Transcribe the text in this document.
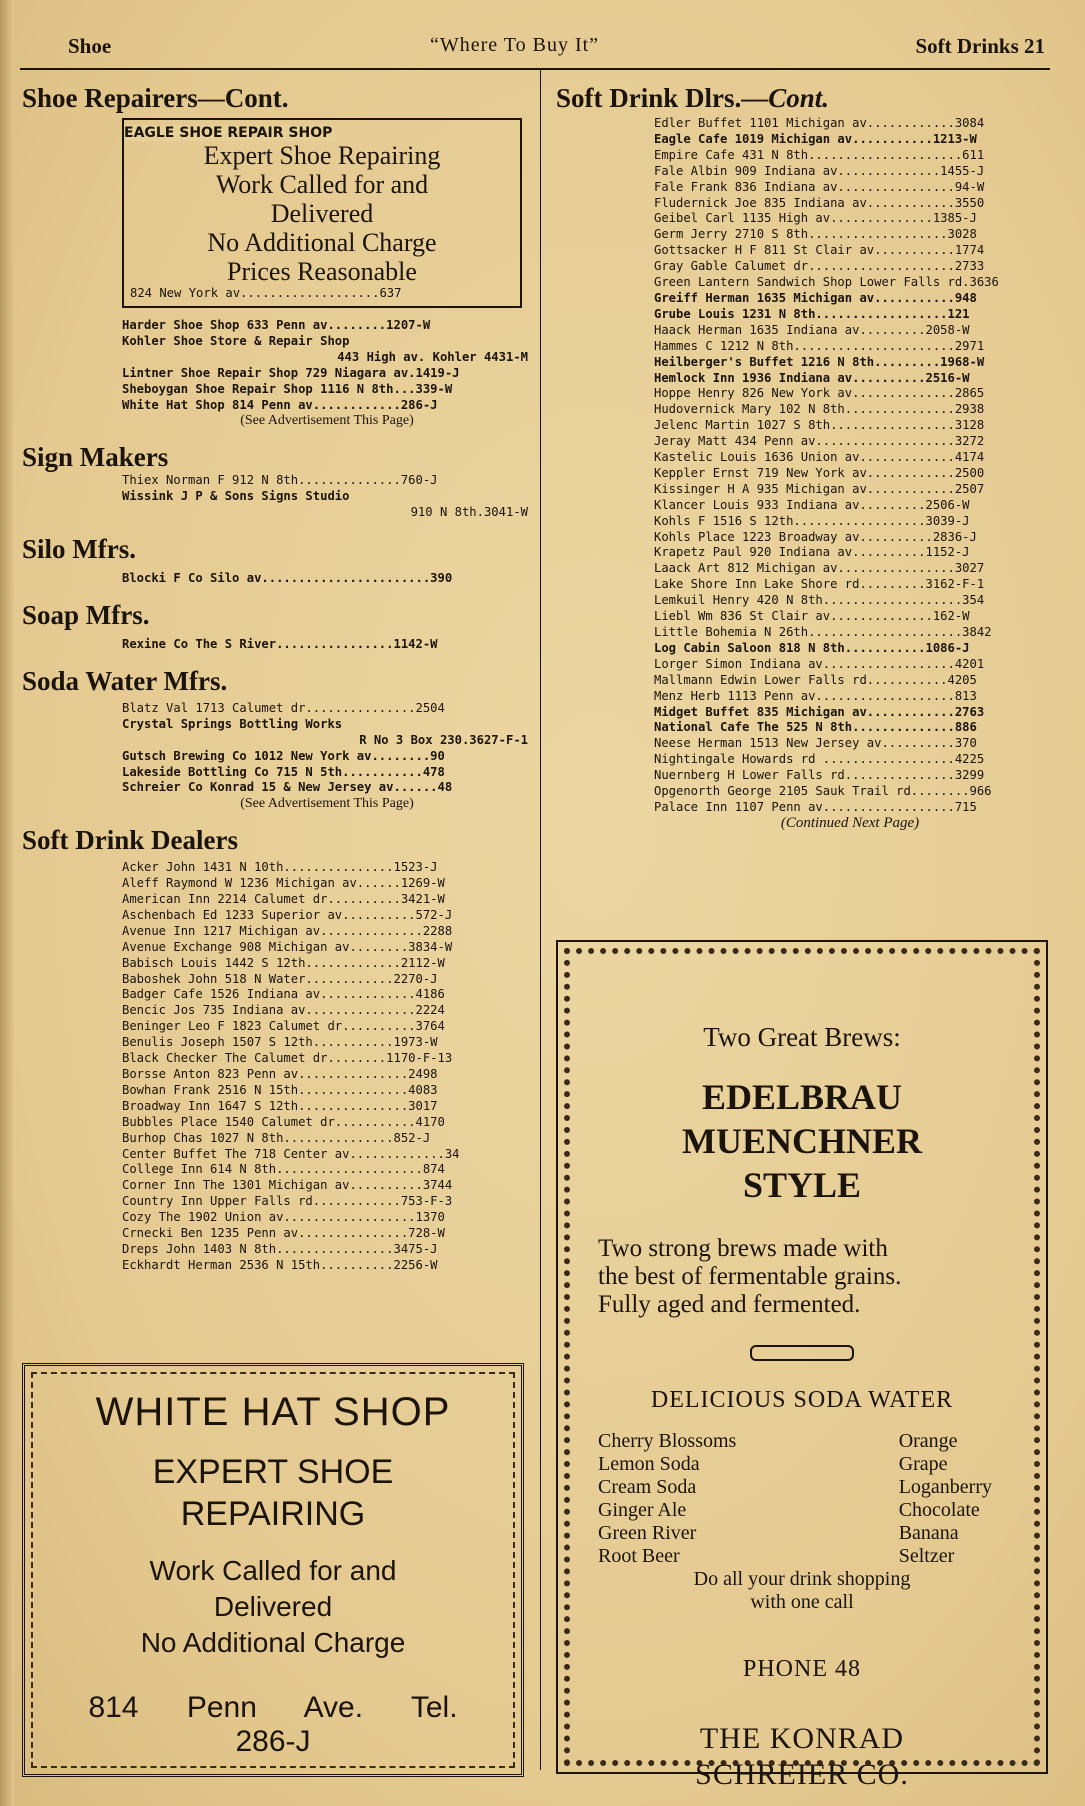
Shoe	“Where To Buy It”	Soft Drinks 21
Shoe Repairers—Cont.
EAGLE SHOE REPAIR SHOP
Expert Shoe Repairing
Work Called for and
Delivered
No Additional Charge
Prices Reasonable
824 New York av...................637
Harder Shoe Shop 633 Penn av........1207-W
Kohler Shoe Store & Repair Shop
443 High av. Kohler 4431-M
Lintner Shoe Repair Shop 729 Niagara av.1419-J
Sheboygan Shoe Repair Shop 1116 N 8th...339-W
White Hat Shop 814 Penn av............286-J
(See Advertisement This Page)
Sign Makers
Thiex Norman F 912 N 8th..............760-J
Wissink J P & Sons Signs Studio
910 N 8th.3041-W
Silo Mfrs.
Blocki F Co Silo av.......................390
Soap Mfrs.
Rexine Co The S River................1142-W
Soda Water Mfrs.
Blatz Val 1713 Calumet dr...............2504
Crystal Springs Bottling Works
R No 3 Box 230.3627-F-1
Gutsch Brewing Co 1012 New York av........90
Lakeside Bottling Co 715 N 5th...........478
Schreier Co Konrad 15 & New Jersey av......48
(See Advertisement This Page)
Soft Drink Dealers
Acker John 1431 N 10th...............1523-J
Aleff Raymond W 1236 Michigan av......1269-W
American Inn 2214 Calumet dr..........3421-W
Aschenbach Ed 1233 Superior av..........572-J
Avenue Inn 1217 Michigan av..............2288
Avenue Exchange 908 Michigan av........3834-W
Babisch Louis 1442 S 12th.............2112-W
Baboshek John 518 N Water............2270-J
Badger Cafe 1526 Indiana av.............4186
Bencic Jos 735 Indiana av...............2224
Beninger Leo F 1823 Calumet dr..........3764
Benulis Joseph 1507 S 12th...........1973-W
Black Checker The Calumet dr........1170-F-13
Borsse Anton 823 Penn av...............2498
Bowhan Frank 2516 N 15th...............4083
Broadway Inn 1647 S 12th...............3017
Bubbles Place 1540 Calumet dr...........4170
Burhop Chas 1027 N 8th...............852-J
Center Buffet The 718 Center av.............34
College Inn 614 N 8th....................874
Corner Inn The 1301 Michigan av..........3744
Country Inn Upper Falls rd............753-F-3
Cozy The 1902 Union av..................1370
Crnecki Ben 1235 Penn av...............728-W
Dreps John 1403 N 8th................3475-J
Eckhardt Herman 2536 N 15th..........2256-W
Soft Drink Dlrs.—Cont.
Edler Buffet 1101 Michigan av............3084
Eagle Cafe 1019 Michigan av...........1213-W
Empire Cafe 431 N 8th.....................611
Fale Albin 909 Indiana av..............1455-J
Fale Frank 836 Indiana av................94-W
Fludernick Joe 835 Indiana av............3550
Geibel Carl 1135 High av..............1385-J
Germ Jerry 2710 S 8th...................3028
Gottsacker H F 811 St Clair av...........1774
Gray Gable Calumet dr....................2733
Green Lantern Sandwich Shop Lower Falls rd.3636
Greiff Herman 1635 Michigan av...........948
Grube Louis 1231 N 8th..................121
Haack Herman 1635 Indiana av.........2058-W
Hammes C 1212 N 8th......................2971
Heilberger's Buffet 1216 N 8th.........1968-W
Hemlock Inn 1936 Indiana av..........2516-W
Hoppe Henry 826 New York av..............2865
Hudovernick Mary 102 N 8th...............2938
Jelenc Martin 1027 S 8th.................3128
Jeray Matt 434 Penn av...................3272
Kastelic Louis 1636 Union av.............4174
Keppler Ernst 719 New York av............2500
Kissinger H A 935 Michigan av............2507
Klancer Louis 933 Indiana av.........2506-W
Kohls F 1516 S 12th..................3039-J
Kohls Place 1223 Broadway av..........2836-J
Krapetz Paul 920 Indiana av..........1152-J
Laack Art 812 Michigan av................3027
Lake Shore Inn Lake Shore rd.........3162-F-1
Lemkuil Henry 420 N 8th...................354
Liebl Wm 836 St Clair av..............162-W
Little Bohemia N 26th.....................3842
Log Cabin Saloon 818 N 8th...........1086-J
Lorger Simon Indiana av..................4201
Mallmann Edwin Lower Falls rd...........4205
Menz Herb 1113 Penn av...................813
Midget Buffet 835 Michigan av............2763
National Cafe The 525 N 8th..............886
Neese Herman 1513 New Jersey av..........370
Nightingale Howards rd ..................4225
Nuernberg H Lower Falls rd...............3299
Opgenorth George 2105 Sauk Trail rd........966
Palace Inn 1107 Penn av..................715
(Continued Next Page)
WHITE HAT SHOP
EXPERT SHOE
REPAIRING
Work Called for and
Delivered
No Additional Charge
814 Penn Ave. Tel. 286-J
Two Great Brews:
EDELBRAU
MUENCHNER
STYLE
Two strong brews made with
the best of fermentable grains.
Fully aged and fermented.
DELICIOUS SODA WATER
Cherry Blossoms
Lemon Soda
Cream Soda
Ginger Ale
Green River
Root Beer
Orange
Grape
Loganberry
Chocolate
Banana
Seltzer
Do all your drink shopping
with one call
PHONE 48
THE KONRAD
SCHREIER CO.
